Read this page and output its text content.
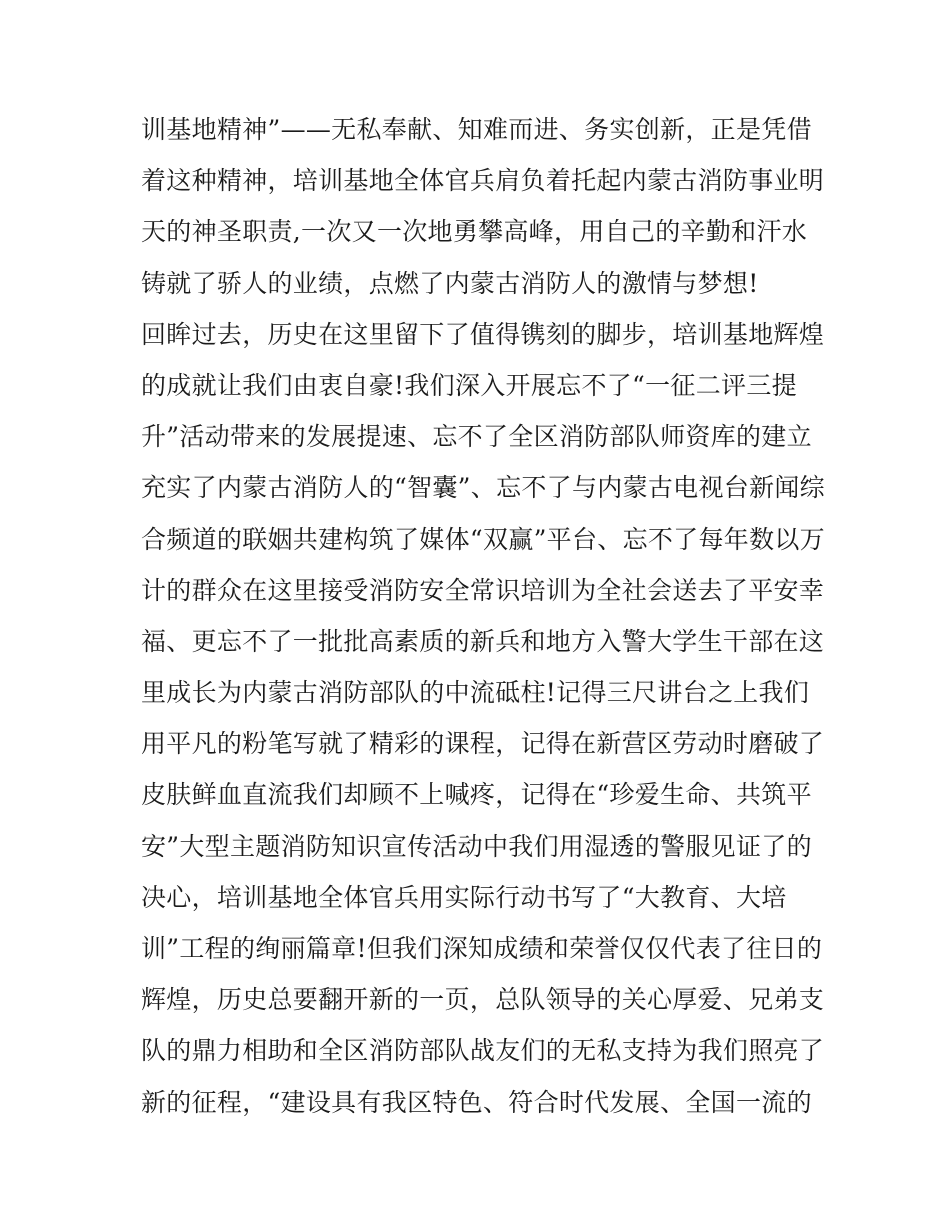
训基地精神”——无私奉献、知难而进、务实创新，正是凭借
着这种精神，培训基地全体官兵肩负着托起内蒙古消防事业明
天的神圣职责,一次又一次地勇攀高峰，用自己的辛勤和汗水
铸就了骄人的业绩，点燃了内蒙古消防人的激情与梦想!
回眸过去，历史在这里留下了值得镌刻的脚步，培训基地辉煌
的成就让我们由衷自豪!我们深入开展忘不了“一征二评三提
升”活动带来的发展提速、忘不了全区消防部队师资库的建立
充实了内蒙古消防人的“智囊”、忘不了与内蒙古电视台新闻综
合频道的联姻共建构筑了媒体“双赢”平台、忘不了每年数以万
计的群众在这里接受消防安全常识培训为全社会送去了平安幸
福、更忘不了一批批高素质的新兵和地方入警大学生干部在这
里成长为内蒙古消防部队的中流砥柱!记得三尺讲台之上我们
用平凡的粉笔写就了精彩的课程，记得在新营区劳动时磨破了
皮肤鲜血直流我们却顾不上喊疼，记得在“珍爱生命、共筑平
安”大型主题消防知识宣传活动中我们用湿透的警服见证了的
决心，培训基地全体官兵用实际行动书写了“大教育、大培
训”工程的绚丽篇章!但我们深知成绩和荣誉仅仅代表了往日的
辉煌，历史总要翻开新的一页，总队领导的关心厚爱、兄弟支
队的鼎力相助和全区消防部队战友们的无私支持为我们照亮了
新的征程，“建设具有我区特色、符合时代发展、全国一流的
